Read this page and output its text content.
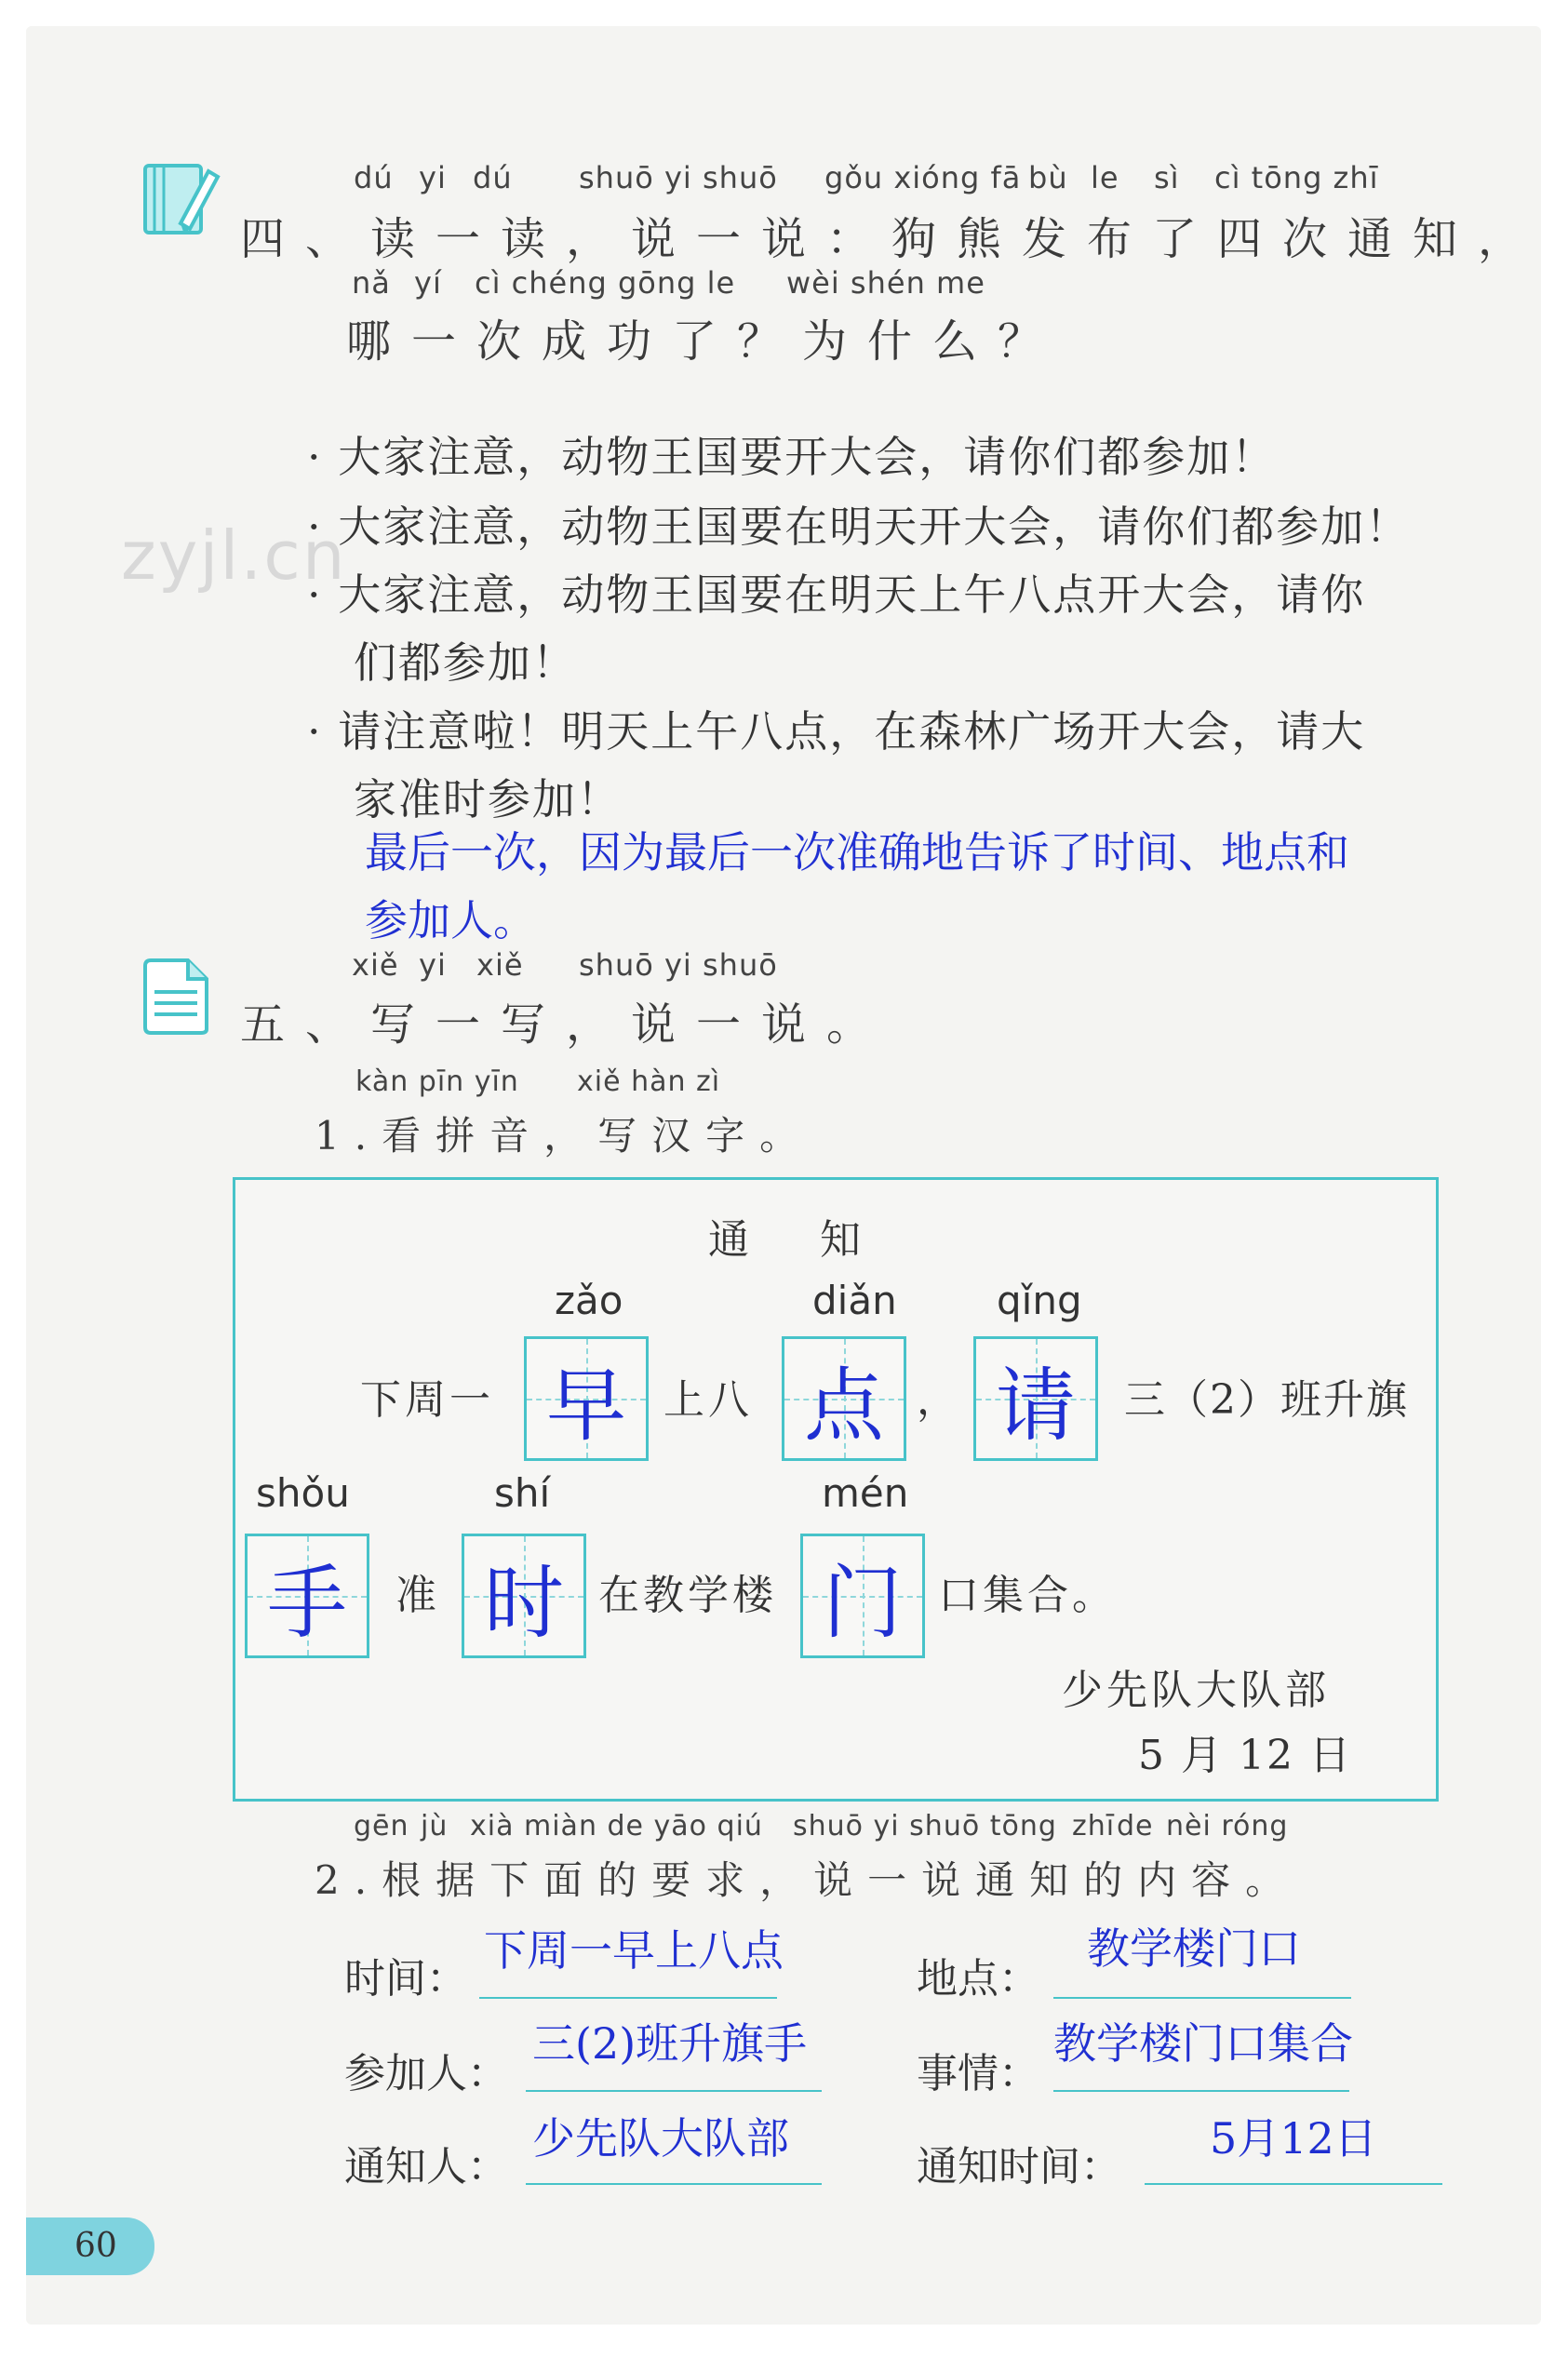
dú yi dú shuō yi shuō gǒu xióng fā bù le sì cì tōng zhī
四、读一读，说一说：狗熊发布了四次通知，
nǎ yí cì chéng gōng le wèi shén me
哪一次成功了？为什么？
zyjl.cn
· 大家注意，动物王国要开大会，请你们都参加！
· 大家注意，动物王国要在明天开大会，请你们都参加！
· 大家注意，动物王国要在明天上午八点开大会，请你
们都参加！
· 请注意啦！明天上午八点，在森林广场开大会，请大
家准时参加！
最后一次，因为最后一次准确地告诉了时间、地点和
参加人。
xiě yi xiě shuō yi shuō
五、写一写，说一说。
kàn pīn yīn xiě hàn zì
1.看拼音，写汉字。
通    知
zǎo	diǎn	qǐng
下周一 早 上八 点 ， 请	三（2）班升旗
shǒu	shí	mén
手	准 时 在教学楼 门 口集合。
少先队大队部
5 月 12 日
gēn jù xià miàn de yāo qiú shuō yi shuō tōng zhī de nèi róng
2.根据下面的要求，说一说通知的内容。
时间：
下周一早上八点
地点：
教学楼门口
参加人：
三(2)班升旗手
事情：
教学楼门口集合
通知人：
少先队大队部
通知时间：
5月12日
60
